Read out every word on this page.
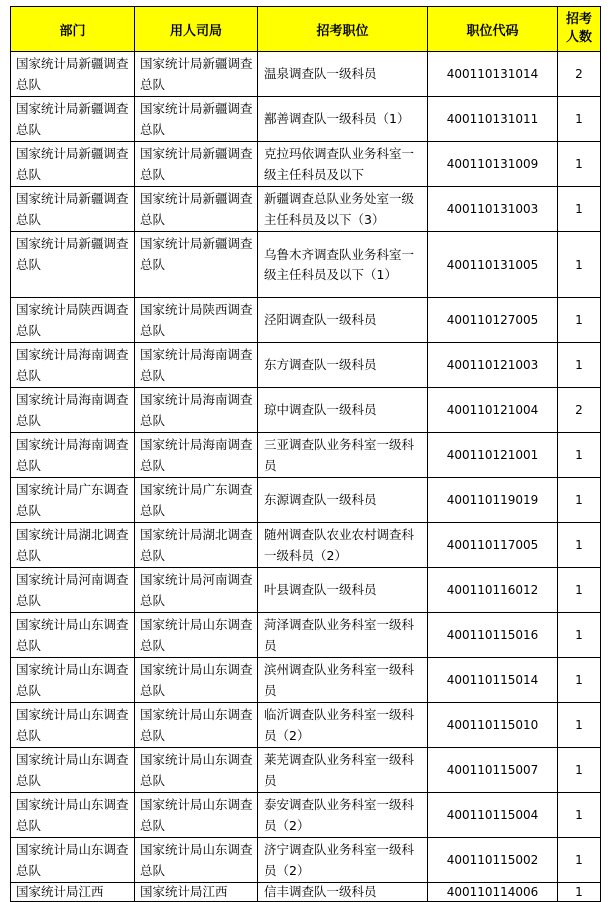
部门	用人司局	招考职位	职位代码	招考人数
国家统计局新疆调查总队	国家统计局新疆调查总队	温泉调查队一级科员	400110131014	2
国家统计局新疆调查总队	国家统计局新疆调查总队	鄯善调查队一级科员（1）	400110131011	1
国家统计局新疆调查总队	国家统计局新疆调查总队	克拉玛依调查队业务科室一级主任科员及以下	400110131009	1
国家统计局新疆调查总队	国家统计局新疆调查总队	新疆调查总队业务处室一级主任科员及以下（3）	400110131003	1
国家统计局新疆调查总队	国家统计局新疆调查总队	乌鲁木齐调查队业务科室一级主任科员及以下（1）	400110131005	1
国家统计局陕西调查总队	国家统计局陕西调查总队	泾阳调查队一级科员	400110127005	1
国家统计局海南调查总队	国家统计局海南调查总队	东方调查队一级科员	400110121003	1
国家统计局海南调查总队	国家统计局海南调查总队	琼中调查队一级科员	400110121004	2
国家统计局海南调查总队	国家统计局海南调查总队	三亚调查队业务科室一级科员	400110121001	1
国家统计局广东调查总队	国家统计局广东调查总队	东源调查队一级科员	400110119019	1
国家统计局湖北调查总队	国家统计局湖北调查总队	随州调查队农业农村调查科一级科员（2）	400110117005	1
国家统计局河南调查总队	国家统计局河南调查总队	叶县调查队一级科员	400110116012	1
国家统计局山东调查总队	国家统计局山东调查总队	菏泽调查队业务科室一级科员	400110115016	1
国家统计局山东调查总队	国家统计局山东调查总队	滨州调查队业务科室一级科员	400110115014	1
国家统计局山东调查总队	国家统计局山东调查总队	临沂调查队业务科室一级科员（2）	400110115010	1
国家统计局山东调查总队	国家统计局山东调查总队	莱芜调查队业务科室一级科员	400110115007	1
国家统计局山东调查总队	国家统计局山东调查总队	泰安调查队业务科室一级科员（2）	400110115004	1
国家统计局山东调查总队	国家统计局山东调查总队	济宁调查队业务科室一级科员（2）	400110115002	1
国家统计局江西	国家统计局江西	信丰调查队一级科员	400110114006	1
